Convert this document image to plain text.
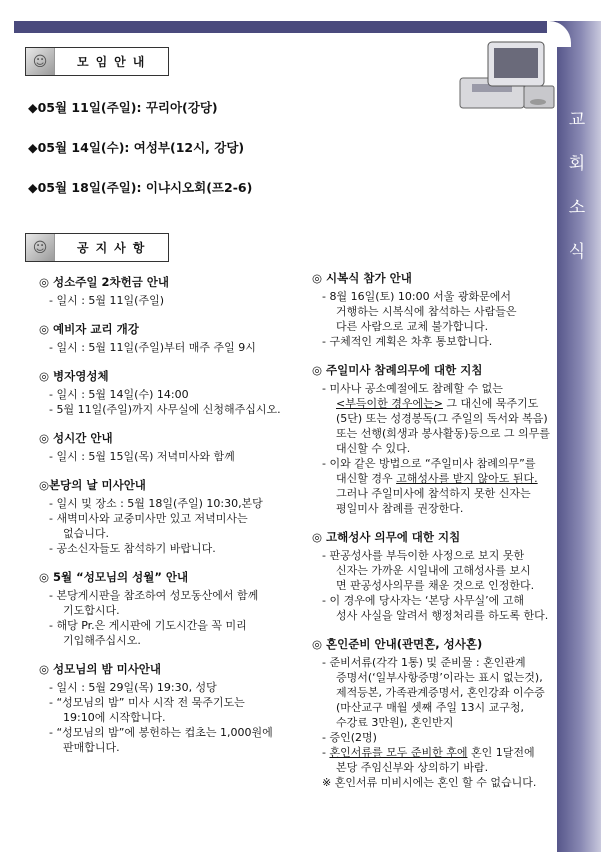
교
회
소
식
☺	모임안내
◆05월 11일(주일): 꾸리아(강당)
◆05월 14일(수): 여성부(12시, 강당)
◆05월 18일(주일): 이냐시오회(프2-6)
☺	공지사항
◎ 성소주일 2차헌금 안내
- 일시 : 5월 11일(주일)
◎ 예비자 교리 개강
- 일시 : 5월 11일(주일)부터 매주 주일 9시
◎ 병자영성체
- 일시 : 5월 14일(수) 14:00
- 5월 11일(주일)까지 사무실에 신청해주십시오.
◎ 성시간 안내
- 일시 : 5월 15일(목) 저녁미사와 함께
◎본당의 날 미사안내
- 일시 및 장소 : 5월 18일(주일) 10:30,본당
- 새벽미사와 교중미사만 있고 저녁미사는
없습니다.
- 공소신자들도 참석하기 바랍니다.
◎ 5월 “성모님의 성월” 안내
- 본당게시판을 참조하여 성모동산에서 함께
기도합시다.
- 해당 Pr.은 게시판에 기도시간을 꼭 미리
기입해주십시오.
◎ 성모님의 밤 미사안내
- 일시 : 5월 29일(목) 19:30, 성당
- “성모님의 밤” 미사 시작 전 묵주기도는
19:10에 시작합니다.
- “성모님의 밤”에 봉헌하는 컵초는 1,000원에
판매합니다.
◎ 시복식 참가 안내
- 8월 16일(토) 10:00 서울 광화문에서
거행하는 시복식에 참석하는 사람들은
다른 사람으로 교체 불가합니다.
- 구체적인 계획은 차후 통보합니다.
◎ 주일미사 참례의무에 대한 지침
- 미사나 공소예절에도 참례할 수 없는
<부득이한 경우에는> 그 대신에 묵주기도
(5단) 또는 성경봉독(그 주일의 독서와 복음)
또는 선행(희생과 봉사활동)등으로 그 의무를
대신할 수 있다.
- 이와 같은 방법으로 “주일미사 참례의무”를
대신할 경우 고해성사를 받지 않아도 된다.
그러나 주일미사에 참석하지 못한 신자는
평일미사 참례를 권장한다.
◎ 고해성사 의무에 대한 지침
- 판공성사를 부득이한 사정으로 보지 못한
신자는 가까운 시일내에 고해성사를 보시
면 판공성사의무를 채운 것으로 인정한다.
- 이 경우에 당사자는 ‘본당 사무실’에 고해
성사 사실을 알려서 행정처리를 하도록 한다.
◎ 혼인준비 안내(관면혼, 성사혼)
- 준비서류(각각 1통) 및 준비물 : 혼인관계
증명서(‘일부사항증명’이라는 표시 없는것),
제적등본, 가족관계증명서, 혼인강좌 이수증
(마산교구 매월 셋째 주일 13시 교구청,
수강료 3만원), 혼인반지
- 증인(2명)
- 혼인서류를 모두 준비한 후에 혼인 1달전에
본당 주임신부와 상의하기 바람.
※ 혼인서류 미비시에는 혼인 할 수 없습니다.
